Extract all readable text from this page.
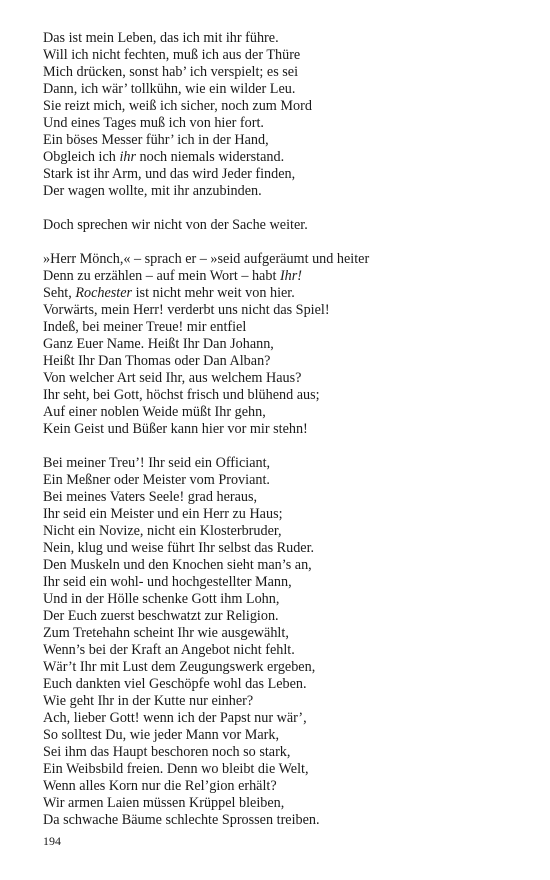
Das ist mein Leben, das ich mit ihr führe.
Will ich nicht fechten, muß ich aus der Thüre
Mich drücken, sonst hab’ ich verspielt; es sei
Dann, ich wär’ tollkühn, wie ein wilder Leu.
Sie reizt mich, weiß ich sicher, noch zum Mord
Und eines Tages muß ich von hier fort.
Ein böses Messer führ’ ich in der Hand,
Obgleich ich ihr noch niemals widerstand.
Stark ist ihr Arm, und das wird Jeder finden,
Der wagen wollte, mit ihr anzubinden.
Doch sprechen wir nicht von der Sache weiter.
»Herr Mönch,« – sprach er – »seid aufgeräumt und heiter
Denn zu erzählen – auf mein Wort – habt Ihr!
Seht, Rochester ist nicht mehr weit von hier.
Vorwärts, mein Herr! verderbt uns nicht das Spiel!
Indeß, bei meiner Treue! mir entfiel
Ganz Euer Name. Heißt Ihr Dan Johann,
Heißt Ihr Dan Thomas oder Dan Alban?
Von welcher Art seid Ihr, aus welchem Haus?
Ihr seht, bei Gott, höchst frisch und blühend aus;
Auf einer noblen Weide müßt Ihr gehn,
Kein Geist und Büßer kann hier vor mir stehn!
Bei meiner Treu’! Ihr seid ein Officiant,
Ein Meßner oder Meister vom Proviant.
Bei meines Vaters Seele! grad heraus,
Ihr seid ein Meister und ein Herr zu Haus;
Nicht ein Novize, nicht ein Klosterbruder,
Nein, klug und weise führt Ihr selbst das Ruder.
Den Muskeln und den Knochen sieht man’s an,
Ihr seid ein wohl- und hochgestellter Mann,
Und in der Hölle schenke Gott ihm Lohn,
Der Euch zuerst beschwatzt zur Religion.
Zum Tretehahn scheint Ihr wie ausgewählt,
Wenn’s bei der Kraft an Angebot nicht fehlt.
Wär’t Ihr mit Lust dem Zeugungswerk ergeben,
Euch dankten viel Geschöpfe wohl das Leben.
Wie geht Ihr in der Kutte nur einher?
Ach, lieber Gott! wenn ich der Papst nur wär’,
So solltest Du, wie jeder Mann vor Mark,
Sei ihm das Haupt beschoren noch so stark,
Ein Weibsbild freien. Denn wo bleibt die Welt,
Wenn alles Korn nur die Rel’gion erhält?
Wir armen Laien müssen Krüppel bleiben,
Da schwache Bäume schlechte Sprossen treiben.
194
